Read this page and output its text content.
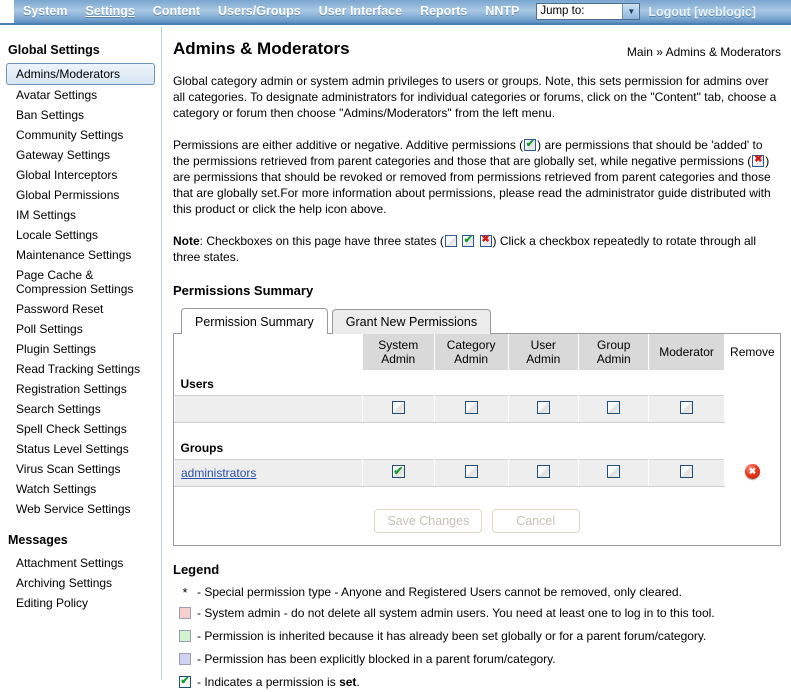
System	Settings	Content	Users/Groups	User Interface	Reports	NNTP	Jump to:	▼	Logout [weblogic]
Global Settings
Admins/Moderators
Avatar Settings
Ban Settings
Community Settings
Gateway Settings
Global Interceptors
Global Permissions
IM Settings
Locale Settings
Maintenance Settings
Page Cache & Compression Settings
Password Reset
Poll Settings
Plugin Settings
Read Tracking Settings
Registration Settings
Search Settings
Spell Check Settings
Status Level Settings
Virus Scan Settings
Watch Settings
Web Service Settings
Messages
Attachment Settings
Archiving Settings
Editing Policy
Admins & Moderators	Main » Admins & Moderators

Global category admin or system admin privileges to users or groups. Note, this sets permission for admins over all categories. To designate administrators for individual categories or forums, click on the "Content" tab, choose a category or forum then choose "Admins/Moderators" from the left menu.

Permissions are either additive or negative. Additive permissions ( ✔ ) are permissions that should be 'added' to the permissions retrieved from parent categories and those that are globally set, while negative permissions ( ✖ ) are permissions that should be revoked or removed from permissions retrieved from parent categories and those that are globally set.For more information about permissions, please read the administrator guide distributed with this product or click the help icon above.

Note: Checkboxes on this page have three states ( ✔ ✖	) Click a checkbox repeatedly to rotate through all three states.

Permissions Summary
Permission Summary	Grant New Permissions
	System Admin	Category Admin	User Admin	Group Admin	Moderator	Remove
Users						

Groups						
administrators	✔					✖

Save Changes	Cancel
Legend
* - Special permission type - Anyone and Registered Users cannot be removed, only cleared.
- System admin - do not delete all system admin users. You need at least one to log in to this tool.
- Permission is inherited because it has already been set globally or for a parent forum/category.
- Permission has been explicitly blocked in a parent forum/category.
✔
- Indicates a permission is set.
